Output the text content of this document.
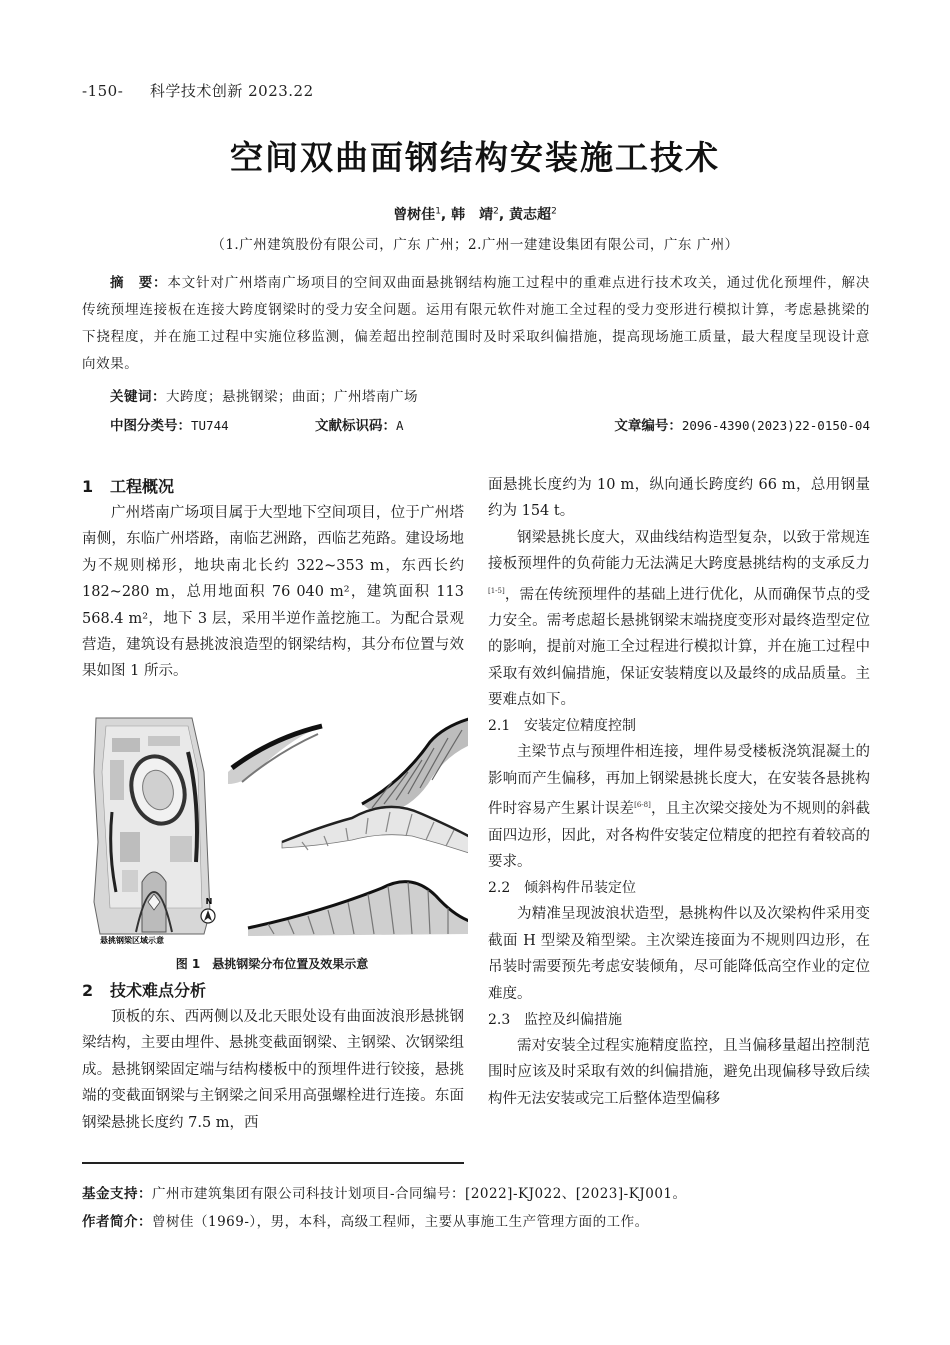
-150- 科学技术创新 2023.22
空间双曲面钢结构安装施工技术
曾树佳$^1$, 韩　靖$^2$, 黄志超$^2$
（1.广州建筑股份有限公司，广东 广州；2.广州一建建设集团有限公司，广东 广州）
摘　要：本文针对广州塔南广场项目的空间双曲面悬挑钢结构施工过程中的重难点进行技术攻关，通过优化预埋件，解决传统预埋连接板在连接大跨度钢梁时的受力安全问题。运用有限元软件对施工全过程的受力变形进行模拟计算，考虑悬挑梁的下挠程度，并在施工过程中实施位移监测，偏差超出控制范围时及时采取纠偏措施，提高现场施工质量，最大程度呈现设计意向效果。
关键词：大跨度；悬挑钢梁；曲面；广州塔南广场
中图分类号：TU744	文献标识码：A	文章编号：2096-4390(2023)22-0150-04
1 工程概况

广州塔南广场项目属于大型地下空间项目，位于广州塔南侧，东临广州塔路，南临艺洲路，西临艺苑路。建设场地为不规则梯形，地块南北长约 322~353 m，东西长约 182~280 m，总用地面积 76 040 m²，建筑面积 113 568.4 m²，地下 3 层，采用半逆作盖挖施工。为配合景观营造，建筑设有悬挑波浪造型的钢梁结构，其分布位置与效果如图 1 所示。

N
悬挑钢梁区域示意
图 1 悬挑钢梁分布位置及效果示意
2 技术难点分析

顶板的东、西两侧以及北天眼处设有曲面波浪形悬挑钢梁结构，主要由埋件、悬挑变截面钢梁、主钢梁、次钢梁组成。悬挑钢梁固定端与结构楼板中的预埋件进行铰接，悬挑端的变截面钢梁与主钢梁之间采用高强螺栓进行连接。东面钢梁悬挑长度约 7.5 m，西

面悬挑长度约为 10 m，纵向通长跨度约 66 m，总用钢量约为 154 t。

钢梁悬挑长度大，双曲线结构造型复杂，以致于常规连接板预埋件的负荷能力无法满足大跨度悬挑结构的支承反力[1-5]，需在传统预埋件的基础上进行优化，从而确保节点的受力安全。需考虑超长悬挑钢梁末端挠度变形对最终造型定位的影响，提前对施工全过程进行模拟计算，并在施工过程中采取有效纠偏措施，保证安装精度以及最终的成品质量。主要难点如下。

2.1 安装定位精度控制

主梁节点与预埋件相连接，埋件易受楼板浇筑混凝土的影响而产生偏移，再加上钢梁悬挑长度大，在安装各悬挑构件时容易产生累计误差[6-8]，且主次梁交接处为不规则的斜截面四边形，因此，对各构件安装定位精度的把控有着较高的要求。

2.2 倾斜构件吊装定位

为精准呈现波浪状造型，悬挑构件以及次梁构件采用变截面 H 型梁及箱型梁。主次梁连接面为不规则四边形，在吊装时需要预先考虑安装倾角，尽可能降低高空作业的定位难度。

2.3 监控及纠偏措施

需对安装全过程实施精度监控，且当偏移量超出控制范围时应该及时采取有效的纠偏措施，避免出现偏移导致后续构件无法安装或完工后整体造型偏移

基金支持：广州市建筑集团有限公司科技计划项目-合同编号：[2022]-KJ022、[2023]-KJ001。
作者简介：曾树佳（1969-），男，本科，高级工程师，主要从事施工生产管理方面的工作。
